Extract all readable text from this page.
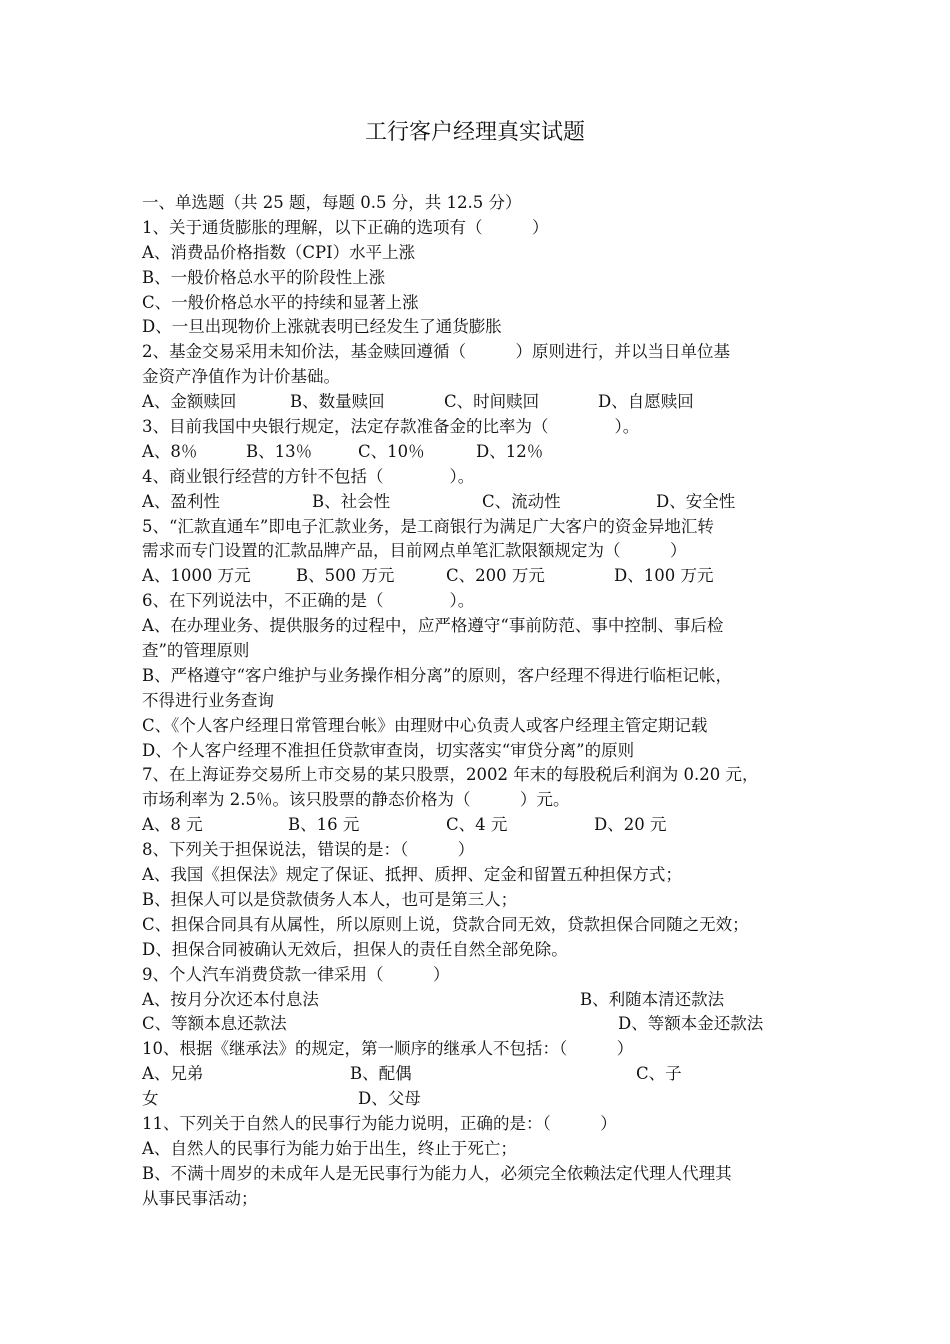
工行客户经理真实试题
一、单选题（共 25 题，每题 0.5 分，共 12.5 分）
1、关于通货膨胀的理解，以下正确的选项有（　　　）
A、消费品价格指数（CPI）水平上涨
B、一般价格总水平的阶段性上涨
C、一般价格总水平的持续和显著上涨
D、一旦出现物价上涨就表明已经发生了通货膨胀
2、基金交易采用未知价法，基金赎回遵循（　　　）原则进行，并以当日单位基
金资产净值作为计价基础。
A、金额赎回	B、数量赎回	C、时间赎回	D、自愿赎回
3、目前我国中央银行规定，法定存款准备金的比率为（　　　　）。
A、8％	B、13％	C、10％	D、12％
4、商业银行经营的方针不包括（　　　　）。
A、盈利性	B、社会性	C、流动性	D、安全性
5、“汇款直通车”即电子汇款业务，是工商银行为满足广大客户的资金异地汇转
需求而专门设置的汇款品牌产品，目前网点单笔汇款限额规定为（　　　）
A、1000 万元	B、500 万元	C、200 万元	D、100 万元
6、在下列说法中，不正确的是（　　　　）。
A、在办理业务、提供服务的过程中，应严格遵守“事前防范、事中控制、事后检
查”的管理原则
B、严格遵守“客户维护与业务操作相分离”的原则，客户经理不得进行临柜记帐，
不得进行业务查询
C、《个人客户经理日常管理台帐》由理财中心负责人或客户经理主管定期记载
D、个人客户经理不准担任贷款审查岗，切实落实“审贷分离”的原则
7、在上海证券交易所上市交易的某只股票，2002 年末的每股税后利润为 0.20 元，
市场利率为 2.5％。该只股票的静态价格为（　　　）元。
A、8 元	B、16 元	C、4 元	D、20 元
8、下列关于担保说法，错误的是：（　　　）
A、我国《担保法》规定了保证、抵押、质押、定金和留置五种担保方式；
B、担保人可以是贷款债务人本人，也可是第三人；
C、担保合同具有从属性，所以原则上说，贷款合同无效，贷款担保合同随之无效；
D、担保合同被确认无效后，担保人的责任自然全部免除。
9、个人汽车消费贷款一律采用（　　　）
A、按月分次还本付息法	B、利随本清还款法
C、等额本息还款法	D、等额本金还款法
10、根据《继承法》的规定，第一顺序的继承人不包括：（　　　）
A、兄弟	B、配偶	C、子
女	D、父母
11、下列关于自然人的民事行为能力说明，正确的是：（　　　）
A、自然人的民事行为能力始于出生，终止于死亡；
B、不满十周岁的未成年人是无民事行为能力人，必须完全依赖法定代理人代理其
从事民事活动；
